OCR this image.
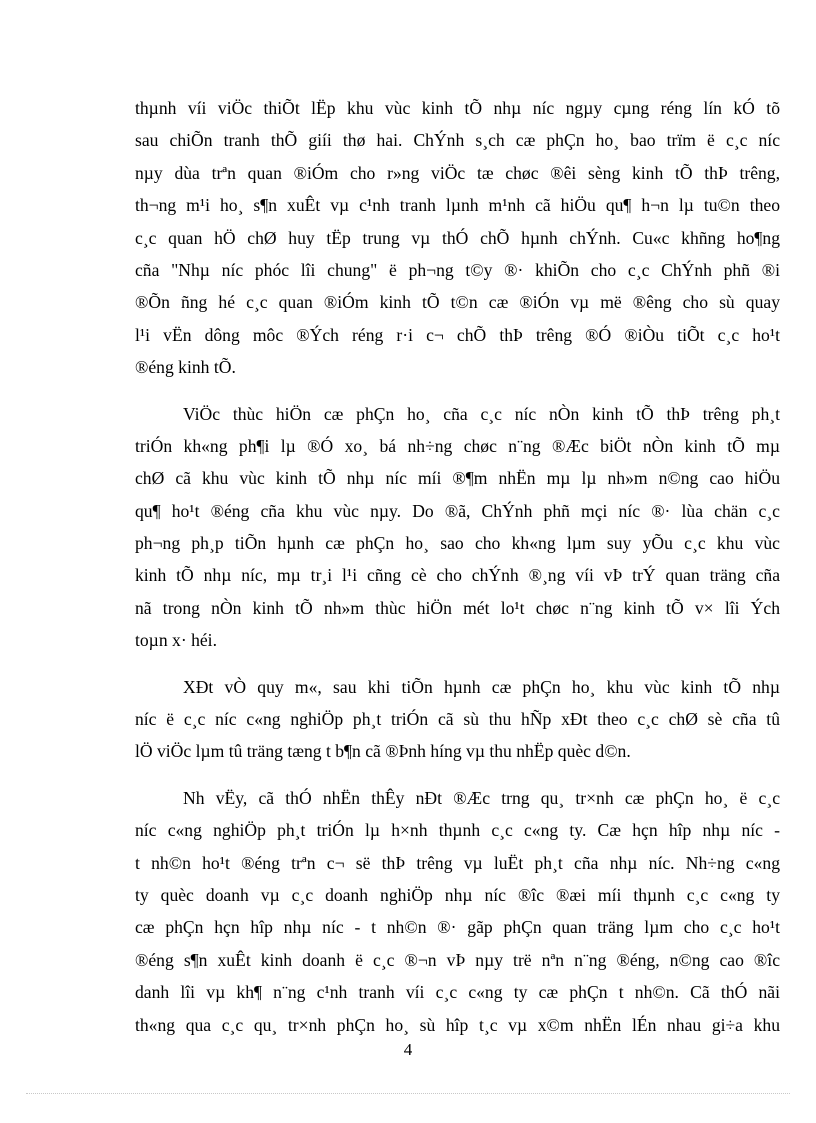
thµnh víi viÖc thiÕt lËp khu vùc kinh tÕ nhµ níc ngµy cµng réng lín kÓ tõ
sau chiÕn tranh thÕ giíi thø hai. ChÝnh s¸ch cæ phÇn ho¸ bao trïm ë c¸c níc
nµy dùa trªn quan ®iÓm cho r»ng viÖc tæ chøc ®êi sèng kinh tÕ thÞ trêng,
th¬ng m¹i ho¸ s¶n xuÊt vµ c¹nh tranh lµnh m¹nh cã hiÖu qu¶ h¬n lµ tu©n theo
c¸c quan hÖ chØ huy tËp trung vµ thÓ chÕ hµnh chÝnh. Cu«c khñng ho¶ng
cña "Nhµ níc phóc lîi chung" ë ph¬ng t©y ®· khiÕn cho c¸c ChÝnh phñ ®i
®Õn ñng hé c¸c quan ®iÓm kinh tÕ t©n cæ ®iÓn vµ më ®êng cho sù quay
l¹i vËn dông môc ®Ých réng r·i c¬ chÕ thÞ trêng ®Ó ®iÒu tiÕt c¸c ho¹t
®éng kinh tÕ.
ViÖc thùc hiÖn cæ phÇn ho¸ cña c¸c níc nÒn kinh tÕ thÞ trêng ph¸t
triÓn kh«ng ph¶i lµ ®Ó xo¸ bá nh÷ng chøc n¨ng ®Æc biÖt nÒn kinh tÕ mµ
chØ cã khu vùc kinh tÕ nhµ níc míi ®¶m nhËn mµ lµ nh»m n©ng cao hiÖu
qu¶ ho¹t ®éng cña khu vùc nµy. Do ®ã, ChÝnh phñ mçi níc ®· lùa chän c¸c
ph¬ng ph¸p tiÕn hµnh cæ phÇn ho¸ sao cho kh«ng lµm suy yÕu c¸c khu vùc
kinh tÕ nhµ níc, mµ tr¸i l¹i cñng cè cho chÝnh ®¸ng víi vÞ trÝ quan träng cña
nã trong nÒn kinh tÕ nh»m thùc hiÖn mét lo¹t chøc n¨ng kinh tÕ v× lîi Ých
toµn x· héi.
XÐt vÒ quy m«, sau khi tiÕn hµnh cæ phÇn ho¸ khu vùc kinh tÕ nhµ
níc ë c¸c níc c«ng nghiÖp ph¸t triÓn cã sù thu hÑp xÐt theo c¸c chØ sè cña tû
lÖ viÖc lµm tû träng tæng t b¶n cã ®Þnh híng vµ thu nhËp quèc d©n.
Nh vËy, cã thÓ nhËn thÊy nÐt ®Æc trng qu¸ tr×nh cæ phÇn ho¸ ë c¸c
níc c«ng nghiÖp ph¸t triÓn lµ h×nh thµnh c¸c c«ng ty. Cæ hçn hîp nhµ níc -
t nh©n ho¹t ®éng trªn c¬ së thÞ trêng vµ luËt ph¸t cña nhµ níc. Nh÷ng c«ng
ty quèc doanh vµ c¸c doanh nghiÖp nhµ níc ®îc ®æi míi thµnh c¸c c«ng ty
cæ phÇn hçn hîp nhµ níc - t nh©n ®· gãp phÇn quan träng lµm cho c¸c ho¹t
®éng s¶n xuÊt kinh doanh ë c¸c ®¬n vÞ nµy trë nªn n¨ng ®éng, n©ng cao ®îc
danh lîi vµ kh¶ n¨ng c¹nh tranh víi c¸c c«ng ty cæ phÇn t nh©n. Cã thÓ nãi
th«ng qua c¸c qu¸ tr×nh phÇn ho¸ sù hîp t¸c vµ x©m nhËn lÉn nhau gi÷a khu
4
